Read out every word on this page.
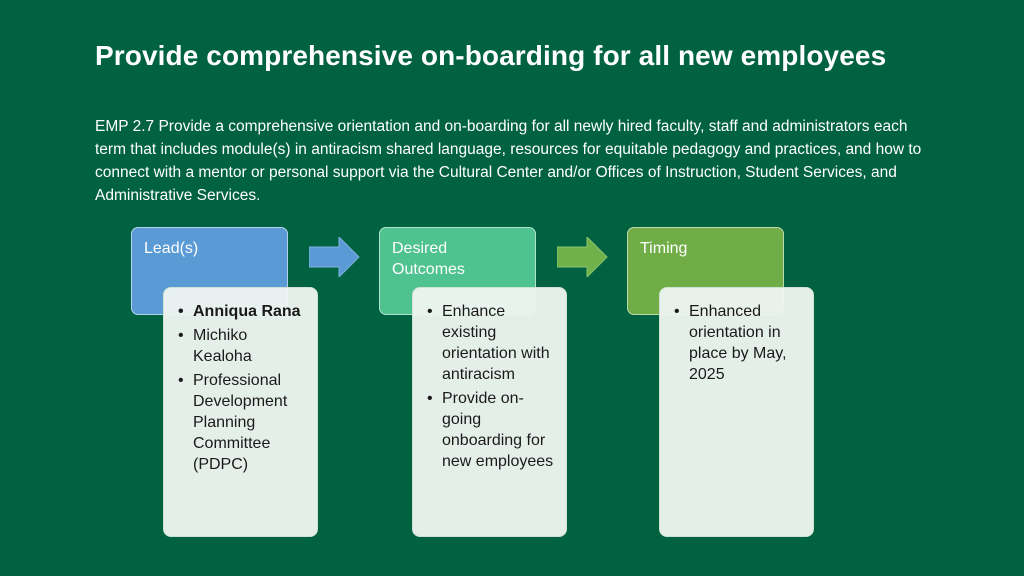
Provide comprehensive on-boarding for all new employees
EMP 2.7 Provide a comprehensive orientation and on-boarding for all newly hired faculty, staff and administrators each term that includes module(s) in antiracism shared language, resources for equitable pedagogy and practices, and how to connect with a mentor or personal support via the Cultural Center and/or Offices of Instruction, Student Services, and Administrative Services.
Lead(s)
• Anniqua Rana
• Michiko Kealoha
• Professional Development Planning Committee (PDPC)
Desired Outcomes
• Enhance existing orientation with antiracism
• Provide on-going onboarding for new employees
Timing
• Enhanced orientation in place by May, 2025
